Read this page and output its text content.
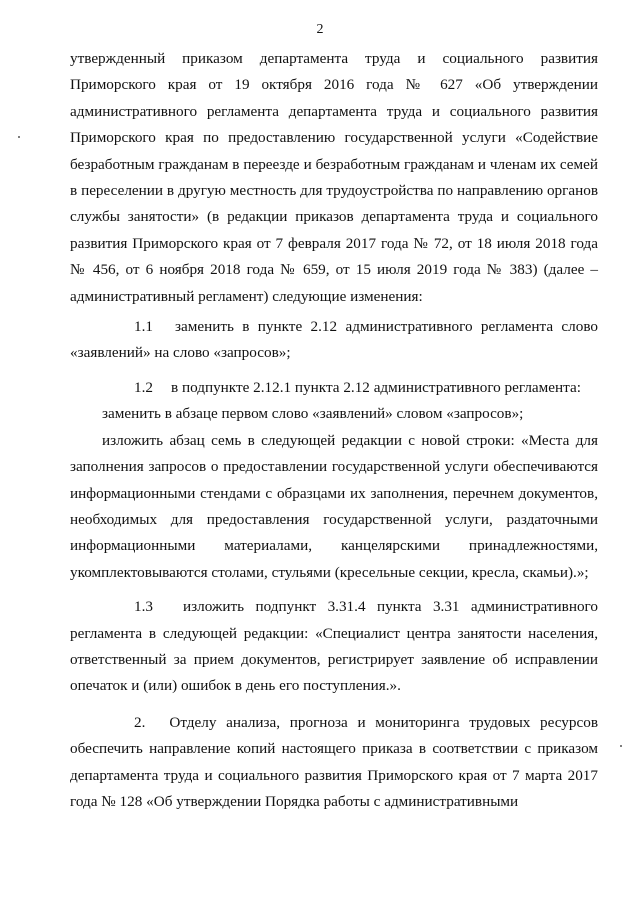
2

утвержденный приказом департамента труда и социального развития Приморского края от 19 октября 2016 года № 627 «Об утверждении административного регламента департамента труда и социального развития Приморского края по предоставлению государственной услуги «Содействие безработным гражданам в переезде и безработным гражданам и членам их семей в переселении в другую местность для трудоустройства по направлению органов службы занятости» (в редакции приказов департамента труда и социального развития Приморского края от 7 февраля 2017 года № 72, от 18 июля 2018 года № 456, от 6 ноября 2018 года № 659, от 15 июля 2019 года № 383) (далее – административный регламент) следующие изменения:

1.1 заменить в пункте 2.12 административного регламента слово «заявлений» на слово «запросов»;

1.2 в подпункте 2.12.1 пункта 2.12 административного регламента:

заменить в абзаце первом слово «заявлений» словом «запросов»;

изложить абзац семь в следующей редакции с новой строки: «Места для заполнения запросов о предоставлении государственной услуги обеспечиваются информационными стендами с образцами их заполнения, перечнем документов, необходимых для предоставления государственной услуги, раздаточными информационными материалами, канцелярскими принадлежностями, укомплектовываются столами, стульями (кресельные секции, кресла, скамьи).»;

1.3 изложить подпункт 3.31.4 пункта 3.31 административного регламента в следующей редакции: «Специалист центра занятости населения, ответственный за прием документов, регистрирует заявление об исправлении опечаток и (или) ошибок в день его поступления.».

2. Отделу анализа, прогноза и мониторинга трудовых ресурсов обеспечить направление копий настоящего приказа в соответствии с приказом департамента труда и социального развития Приморского края от 7 марта 2017 года № 128 «Об утверждении Порядка работы с административными
